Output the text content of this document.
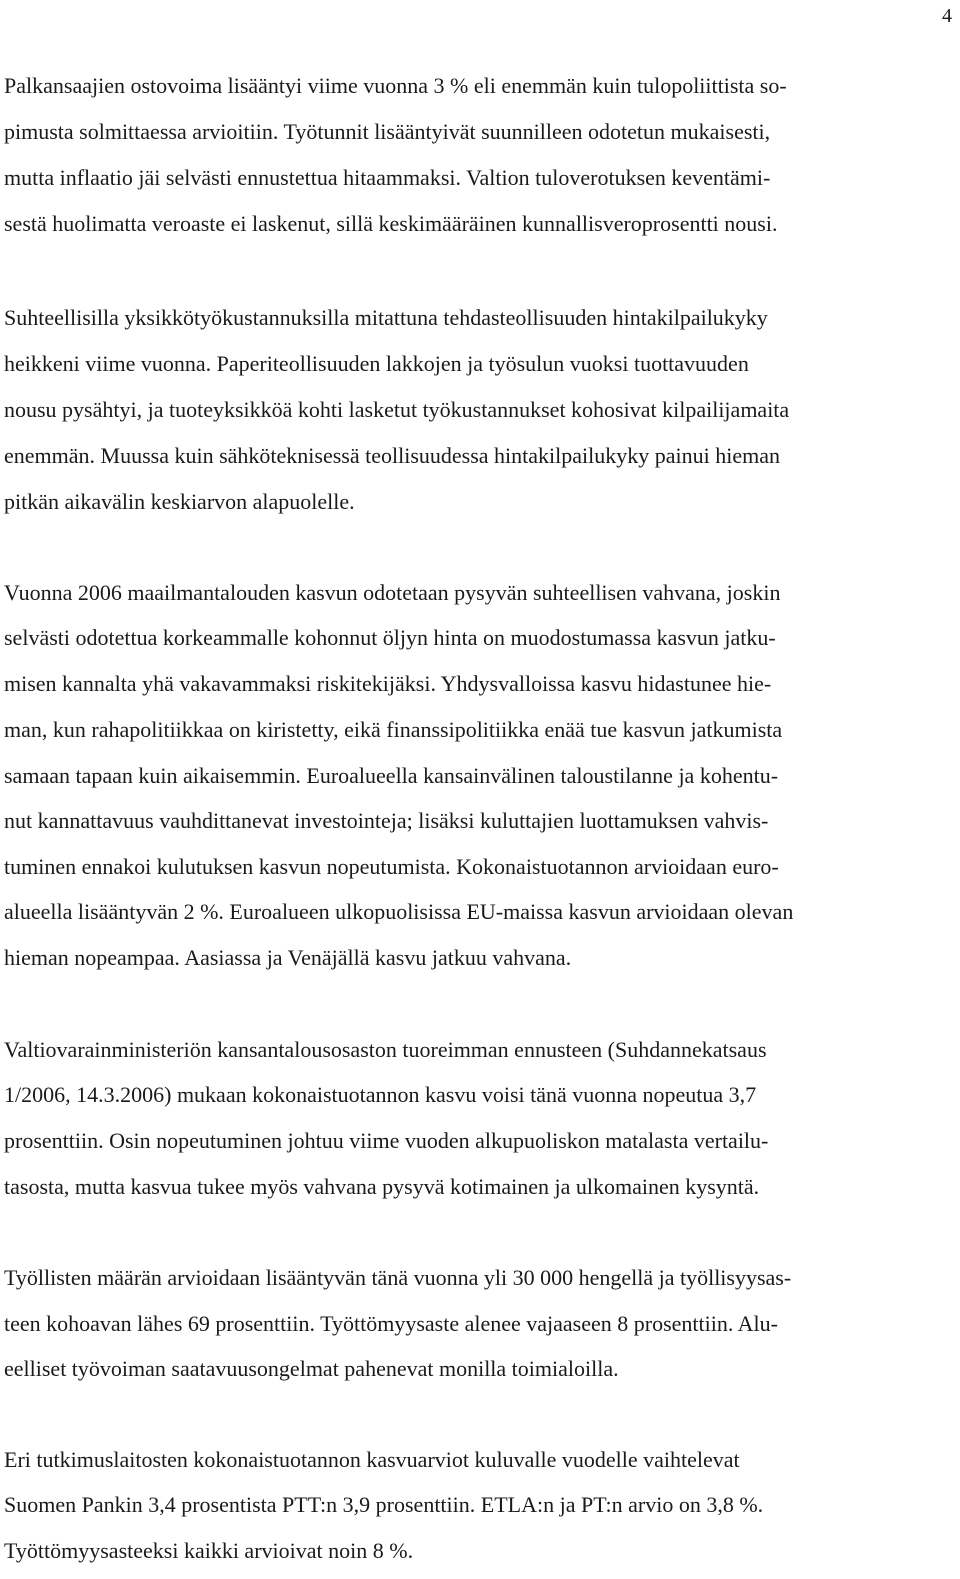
4
Palkansaajien ostovoima lisääntyi viime vuonna 3 % eli enemmän kuin tulopoliittista so-
pimusta solmittaessa arvioitiin. Työtunnit lisääntyivät suunnilleen odotetun mukaisesti,
mutta inflaatio jäi selvästi ennustettua hitaammaksi. Valtion tuloverotuksen keventämi-
sestä huolimatta veroaste ei laskenut, sillä keskimääräinen kunnallisveroprosentti nousi.
Suhteellisilla yksikkötyökustannuksilla mitattuna tehdasteollisuuden hintakilpailukyky
heikkeni viime vuonna. Paperiteollisuuden lakkojen ja työsulun vuoksi tuottavuuden
nousu pysähtyi, ja tuoteyksikköä kohti lasketut työkustannukset kohosivat kilpailijamaita
enemmän. Muussa kuin sähköteknisessä teollisuudessa hintakilpailukyky painui hieman
pitkän aikavälin keskiarvon alapuolelle.
Vuonna 2006 maailmantalouden kasvun odotetaan pysyvän suhteellisen vahvana, joskin
selvästi odotettua korkeammalle kohonnut öljyn hinta on muodostumassa kasvun jatku-
misen kannalta yhä vakavammaksi riskitekijäksi. Yhdysvalloissa kasvu hidastunee hie-
man, kun rahapolitiikkaa on kiristetty, eikä finanssipolitiikka enää tue kasvun jatkumista
samaan tapaan kuin aikaisemmin. Euroalueella kansainvälinen taloustilanne ja kohentu-
nut kannattavuus vauhdittanevat investointeja; lisäksi kuluttajien luottamuksen vahvis-
tuminen ennakoi kulutuksen kasvun nopeutumista. Kokonaistuotannon arvioidaan euro-
alueella lisääntyvän 2 %. Euroalueen ulkopuolisissa EU-maissa kasvun arvioidaan olevan
hieman nopeampaa. Aasiassa ja Venäjällä kasvu jatkuu vahvana.
Valtiovarainministeriön kansantalousosaston tuoreimman ennusteen (Suhdannekatsaus
1/2006, 14.3.2006) mukaan kokonaistuotannon kasvu voisi tänä vuonna nopeutua 3,7
prosenttiin. Osin nopeutuminen johtuu viime vuoden alkupuoliskon matalasta vertailu-
tasosta, mutta kasvua tukee myös vahvana pysyvä kotimainen ja ulkomainen kysyntä.
Työllisten määrän arvioidaan lisääntyvän tänä vuonna yli 30 000 hengellä ja työllisyysas-
teen kohoavan lähes 69 prosenttiin. Työttömyysaste alenee vajaaseen 8 prosenttiin. Alu-
eelliset työvoiman saatavuusongelmat pahenevat monilla toimialoilla.
Eri tutkimuslaitosten kokonaistuotannon kasvuarviot kuluvalle vuodelle vaihtelevat
Suomen Pankin 3,4 prosentista PTT:n 3,9 prosenttiin. ETLA:n ja PT:n arvio on 3,8 %.
Työttömyysasteeksi kaikki arvioivat noin 8 %.
